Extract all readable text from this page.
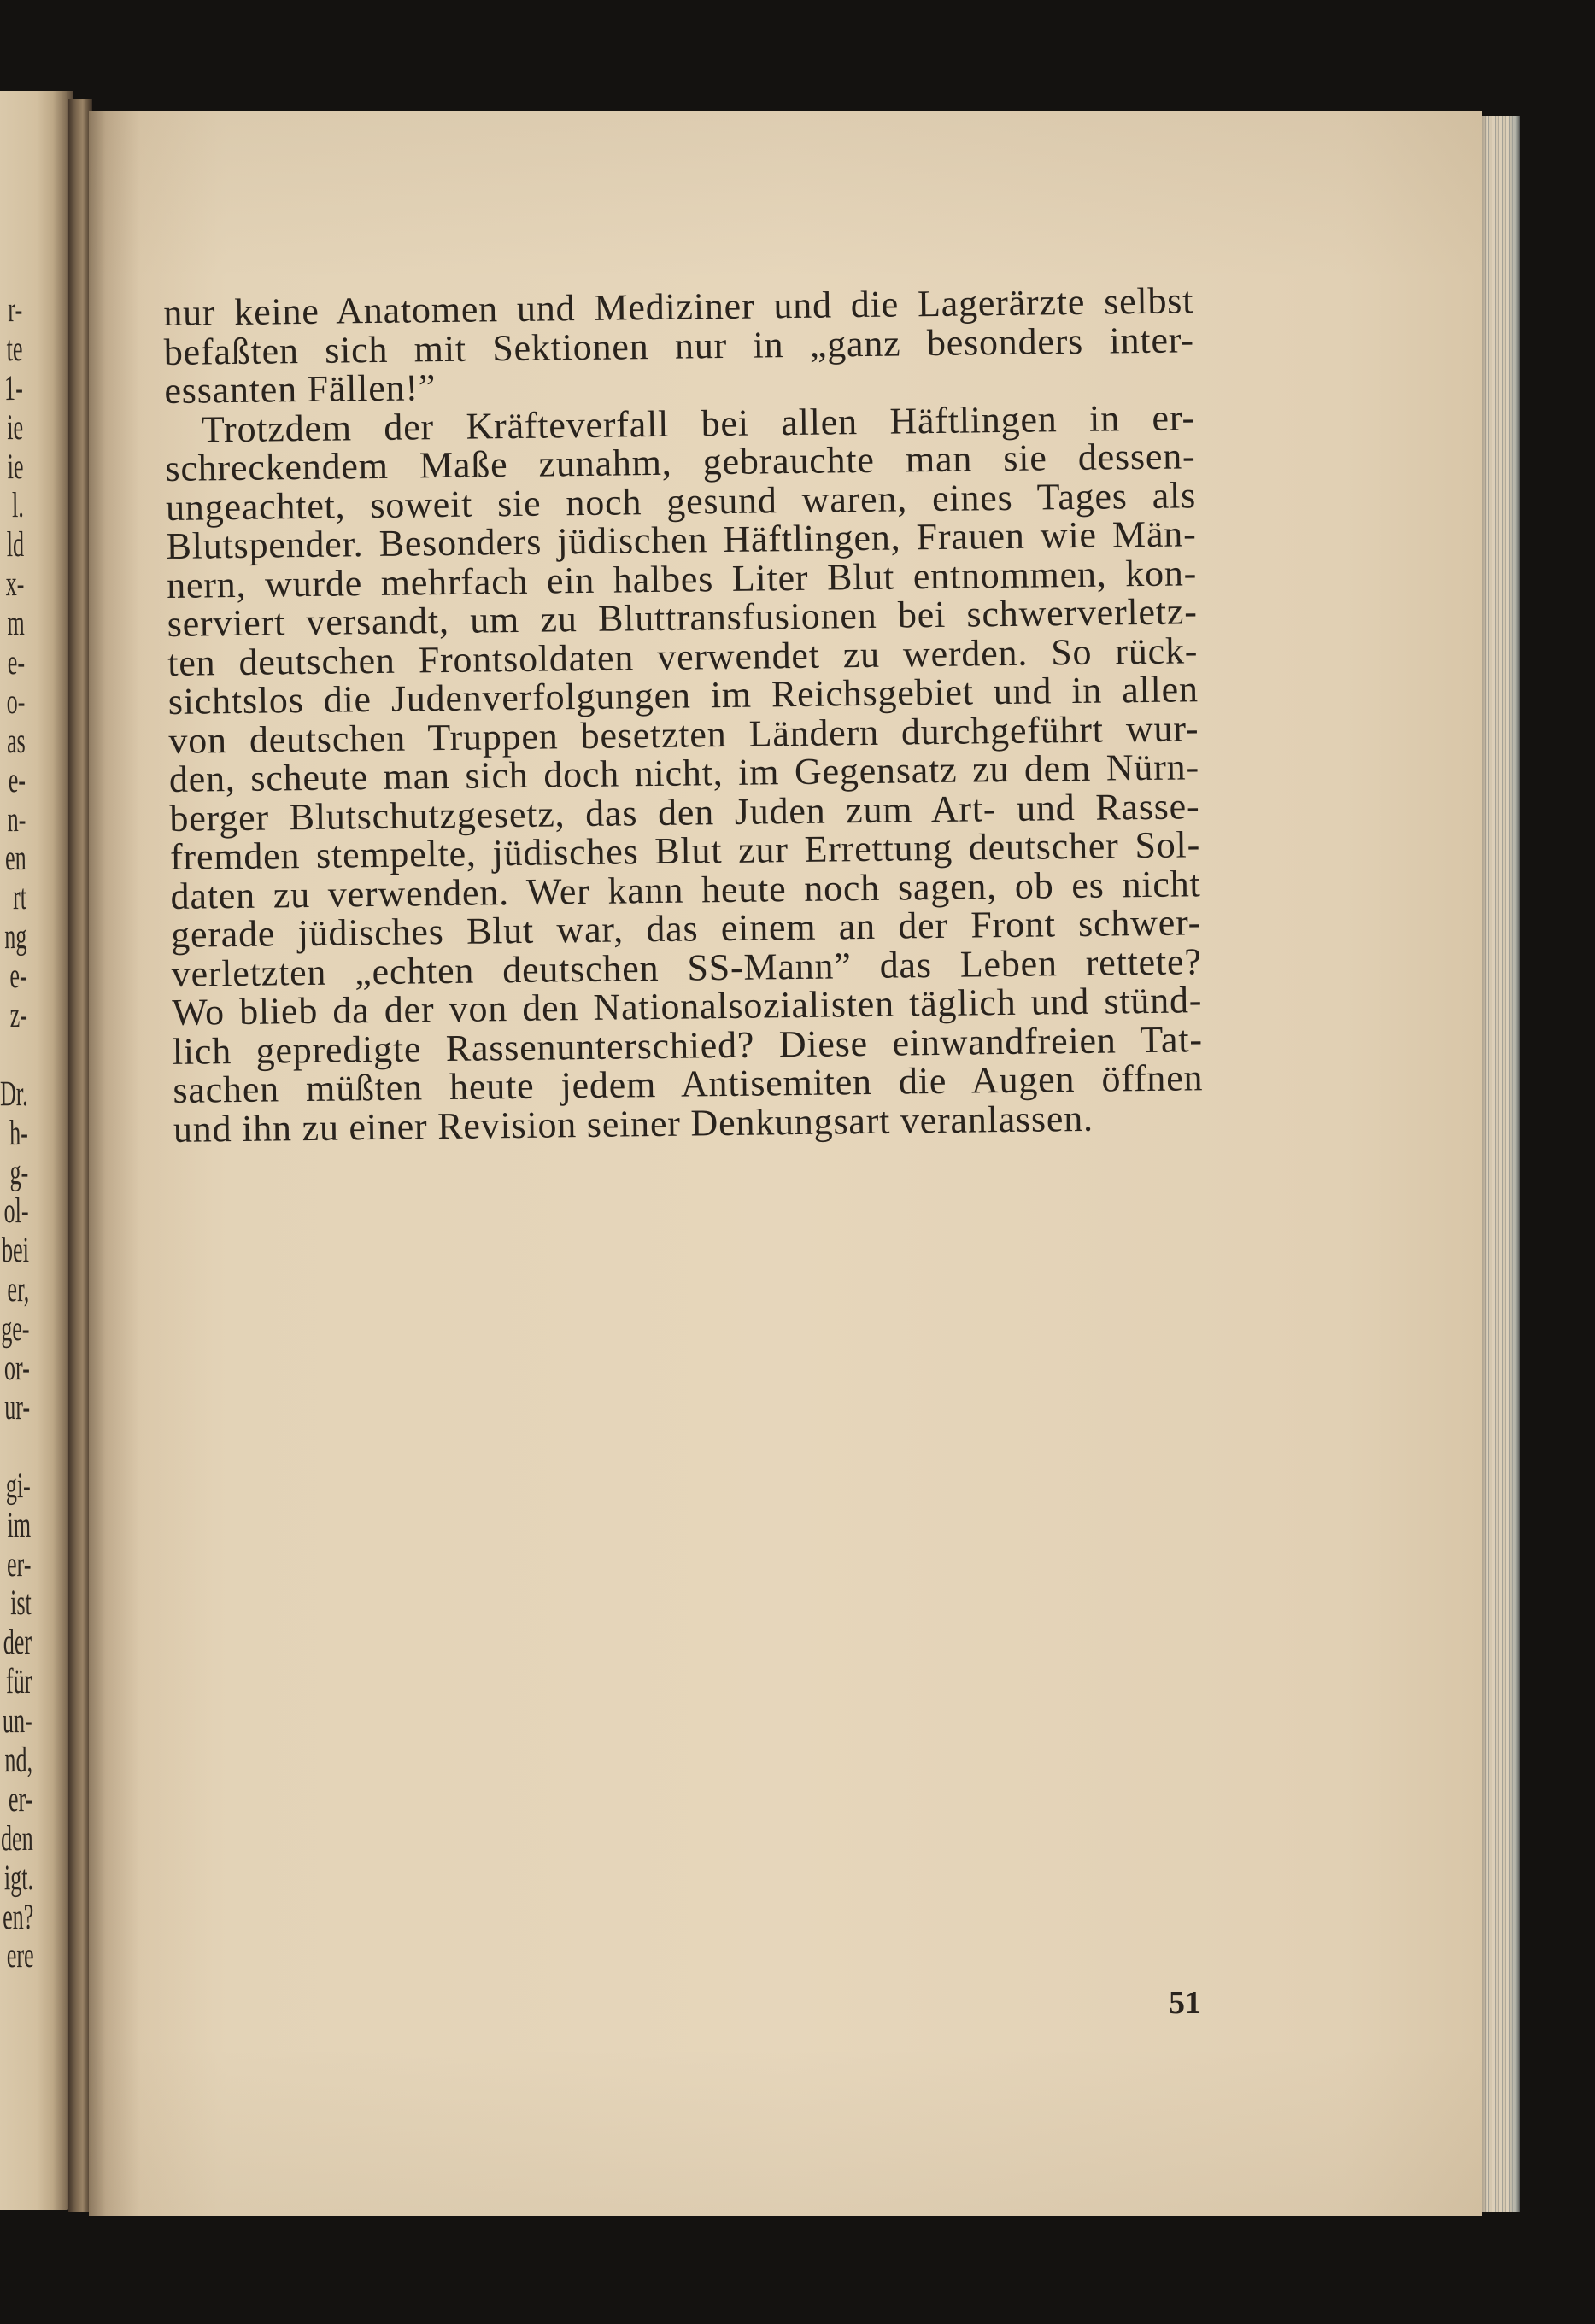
r-
te
1-
ie
ie
l.
ld
x-
m
e-
o-
as
e-
n-
en
rt
ng
e-
z-
Dr.
h-
g-
ol-
bei
er,
ge-
or-
ur-
gi-
im
er-
ist
der
für
un-
nd,
er-
den
igt.
en?
ere
nur keine Anatomen und Mediziner und die Lagerärzte selbst
befaßten sich mit Sektionen nur in „ganz besonders inter-
essanten Fällen!”
Trotzdem der Kräfteverfall bei allen Häftlingen in er-
schreckendem Maße zunahm, gebrauchte man sie dessen-
ungeachtet, soweit sie noch gesund waren, eines Tages als
Blutspender. Besonders jüdischen Häftlingen, Frauen wie Män-
nern, wurde mehrfach ein halbes Liter Blut entnommen, kon-
serviert versandt, um zu Bluttransfusionen bei schwerverletz-
ten deutschen Frontsoldaten verwendet zu werden. So rück-
sichtslos die Judenverfolgungen im Reichsgebiet und in allen
von deutschen Truppen besetzten Ländern durchgeführt wur-
den, scheute man sich doch nicht, im Gegensatz zu dem Nürn-
berger Blutschutzgesetz, das den Juden zum Art- und Rasse-
fremden stempelte, jüdisches Blut zur Errettung deutscher Sol-
daten zu verwenden. Wer kann heute noch sagen, ob es nicht
gerade jüdisches Blut war, das einem an der Front schwer-
verletzten „echten deutschen SS-Mann” das Leben rettete?
Wo blieb da der von den Nationalsozialisten täglich und stünd-
lich gepredigte Rassenunterschied? Diese einwandfreien Tat-
sachen müßten heute jedem Antisemiten die Augen öffnen
und ihn zu einer Revision seiner Denkungsart veranlassen.
51
